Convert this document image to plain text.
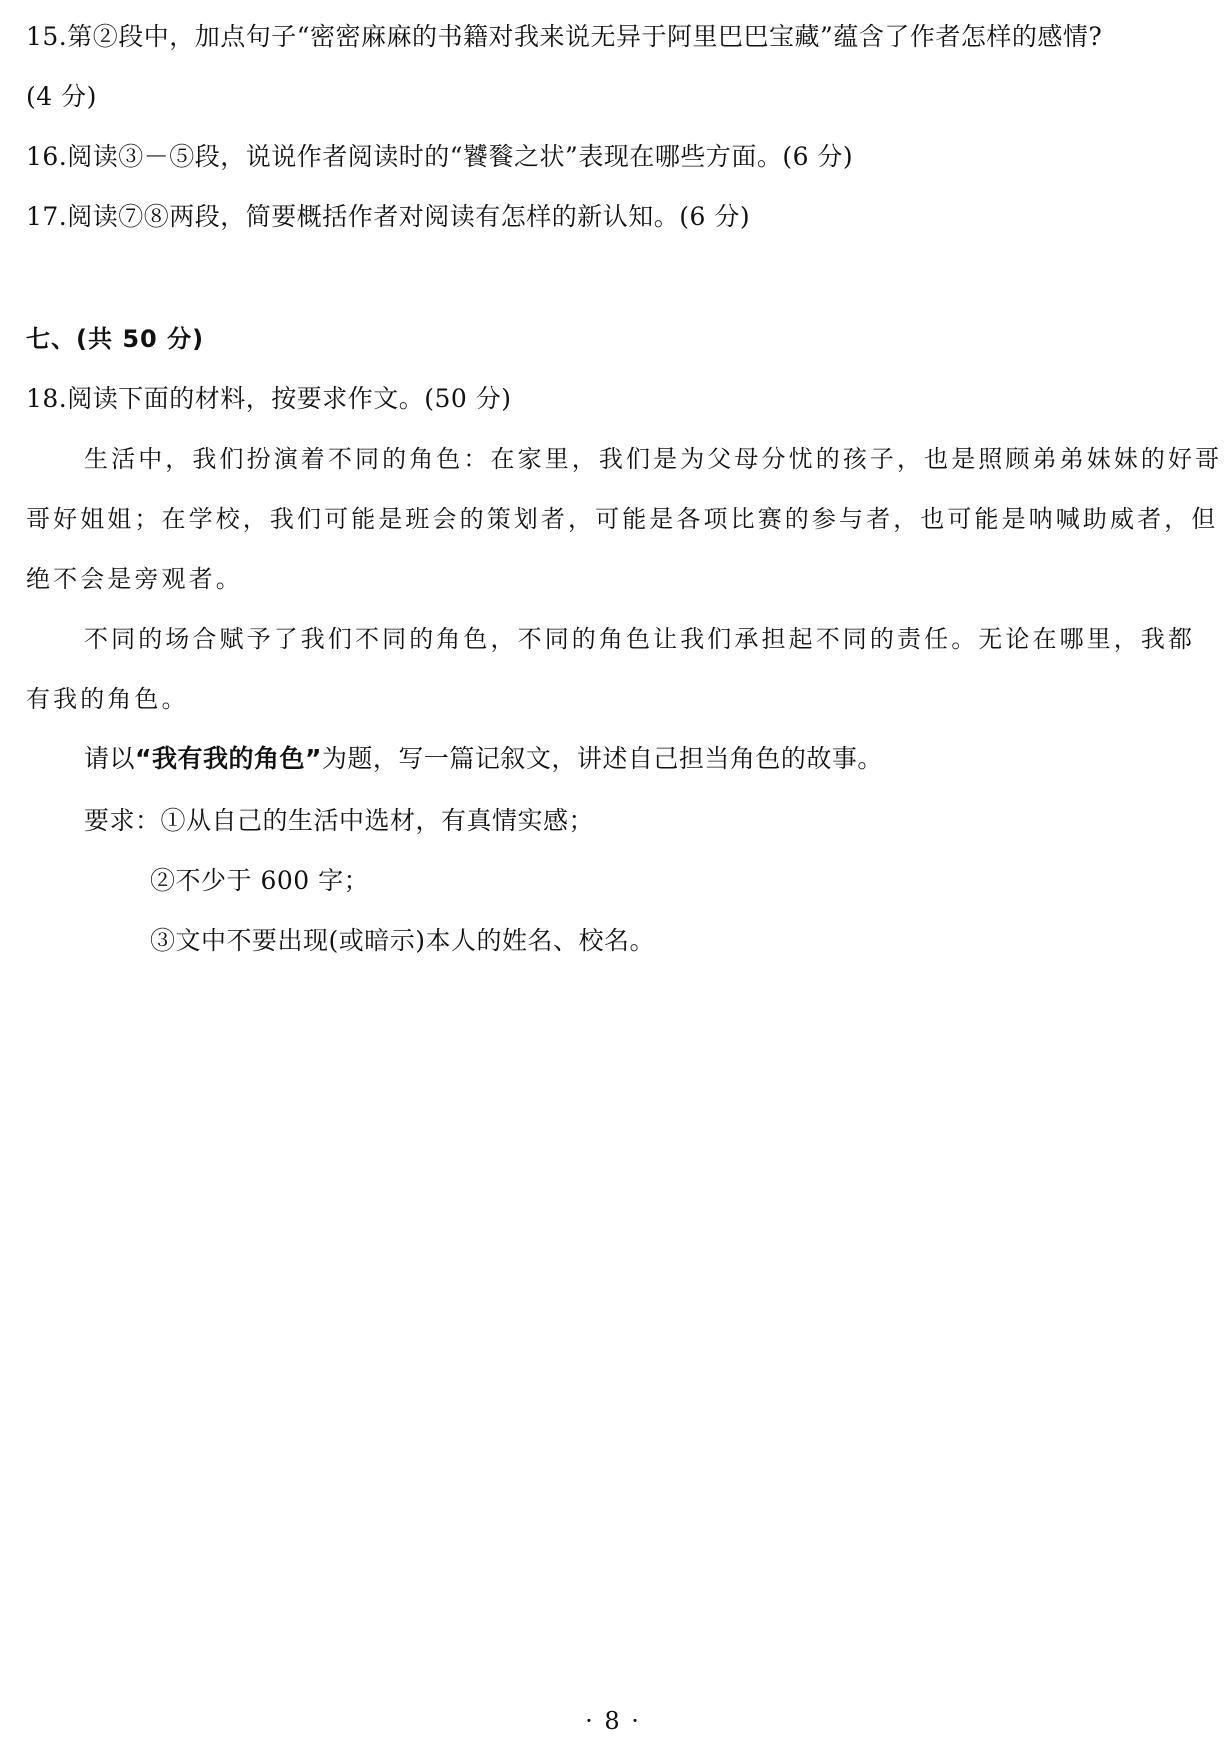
15.第②段中，加点句子“密密麻麻的书籍对我来说无异于阿里巴巴宝藏”蕴含了作者怎样的感情?
(4 分)
16.阅读③－⑤段，说说作者阅读时的“饕餮之状”表现在哪些方面。(6 分)
17.阅读⑦⑧两段，简要概括作者对阅读有怎样的新认知。(6 分)
七、(共 50 分)
18.阅读下面的材料，按要求作文。(50 分)
生活中，我们扮演着不同的角色：在家里，我们是为父母分忧的孩子，也是照顾弟弟妹妹的好哥
哥好姐姐；在学校，我们可能是班会的策划者，可能是各项比赛的参与者，也可能是呐喊助威者，但
绝不会是旁观者。
不同的场合赋予了我们不同的角色，不同的角色让我们承担起不同的责任。无论在哪里，我都
有我的角色。
请以“我有我的角色”为题，写一篇记叙文，讲述自己担当角色的故事。
要求：①从自己的生活中选材，有真情实感；
②不少于 600 字；
③文中不要出现(或暗示)本人的姓名、校名。
· 8 ·
